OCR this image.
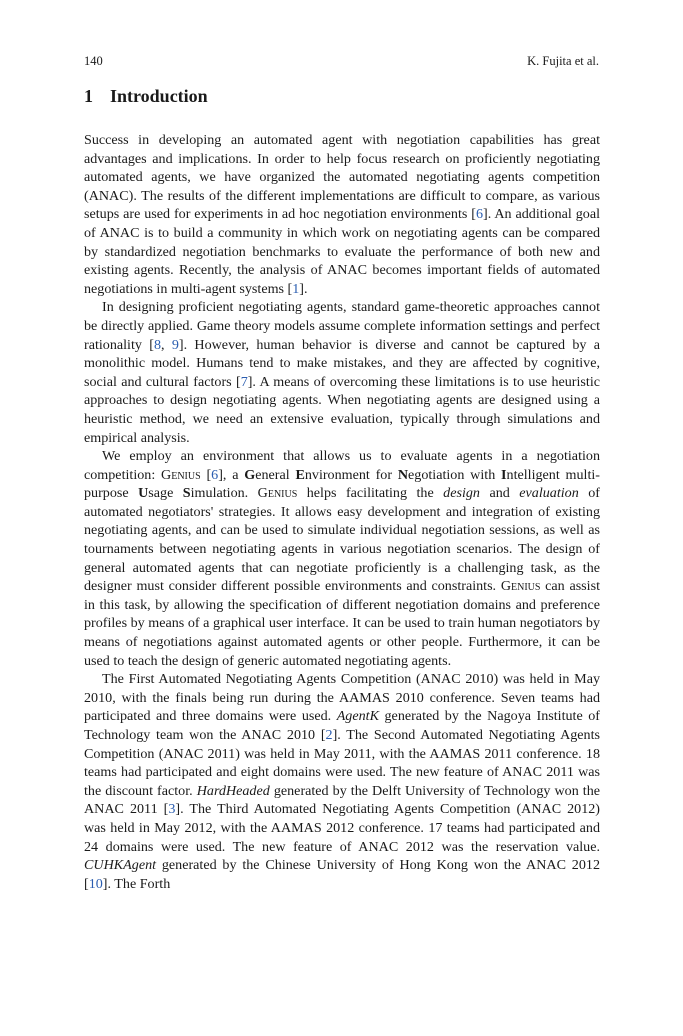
140	K. Fujita et al.
1 Introduction

Success in developing an automated agent with negotiation capabilities has great advantages and implications. In order to help focus research on proficiently negotiating automated agents, we have organized the automated negotiating agents competition (ANAC). The results of the different implementations are difficult to compare, as various setups are used for experiments in ad hoc negotiation environments [6]. An additional goal of ANAC is to build a community in which work on negotiating agents can be compared by standardized negotiation benchmarks to evaluate the performance of both new and existing agents. Recently, the analysis of ANAC becomes important fields of automated negotiations in multi-agent systems [1].

In designing proficient negotiating agents, standard game-theoretic approaches cannot be directly applied. Game theory models assume complete information settings and perfect rationality [8, 9]. However, human behavior is diverse and cannot be captured by a monolithic model. Humans tend to make mistakes, and they are affected by cognitive, social and cultural factors [7]. A means of overcoming these limitations is to use heuristic approaches to design negotiating agents. When negotiating agents are designed using a heuristic method, we need an extensive evaluation, typically through simulations and empirical analysis.

We employ an environment that allows us to evaluate agents in a negotiation competition: Genius [6], a General Environment for Negotiation with Intelligent multi-purpose Usage Simulation. Genius helps facilitating the design and evaluation of automated negotiators' strategies. It allows easy development and integration of existing negotiating agents, and can be used to simulate individual negotiation sessions, as well as tournaments between negotiating agents in various negotiation scenarios. The design of general automated agents that can negotiate proficiently is a challenging task, as the designer must consider different possible environments and constraints. Genius can assist in this task, by allowing the specification of different negotiation domains and preference profiles by means of a graphical user interface. It can be used to train human negotiators by means of negotiations against automated agents or other people. Furthermore, it can be used to teach the design of generic automated negotiating agents.

The First Automated Negotiating Agents Competition (ANAC 2010) was held in May 2010, with the finals being run during the AAMAS 2010 conference. Seven teams had participated and three domains were used. AgentK generated by the Nagoya Institute of Technology team won the ANAC 2010 [2]. The Second Automated Negotiating Agents Competition (ANAC 2011) was held in May 2011, with the AAMAS 2011 conference. 18 teams had participated and eight domains were used. The new feature of ANAC 2011 was the discount factor. HardHeaded generated by the Delft University of Technology won the ANAC 2011 [3]. The Third Automated Negotiating Agents Competition (ANAC 2012) was held in May 2012, with the AAMAS 2012 conference. 17 teams had participated and 24 domains were used. The new feature of ANAC 2012 was the reservation value. CUHKAgent generated by the Chinese University of Hong Kong won the ANAC 2012 [10]. The Forth
